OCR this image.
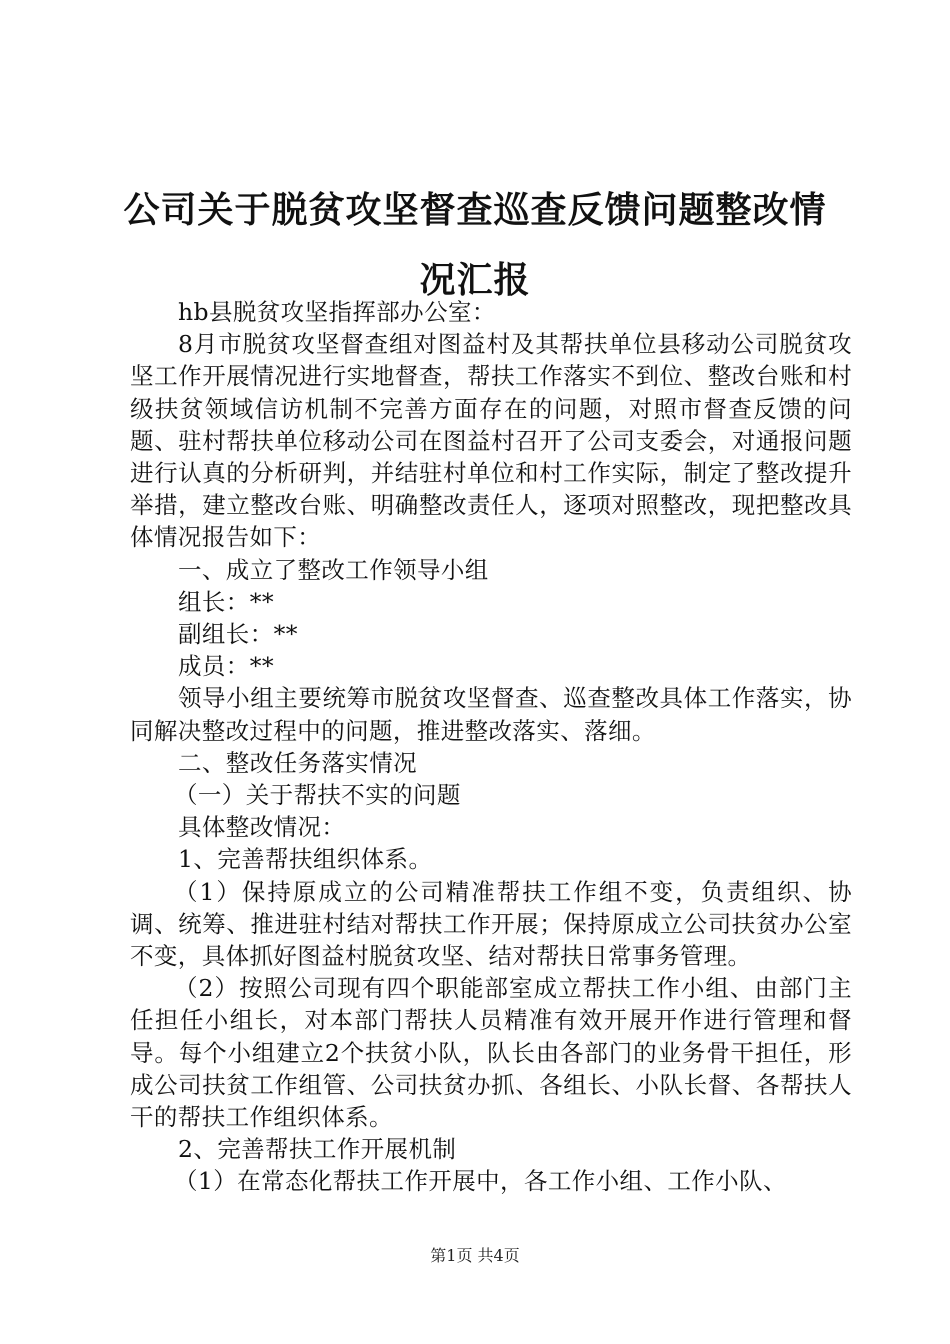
公司关于脱贫攻坚督查巡查反馈问题整改情况汇报

hb县脱贫攻坚指挥部办公室：

8月市脱贫攻坚督查组对图益村及其帮扶单位县移动公司脱贫攻坚工作开展情况进行实地督查，帮扶工作落实不到位、整改台账和村级扶贫领域信访机制不完善方面存在的问题，对照市督查反馈的问题、驻村帮扶单位移动公司在图益村召开了公司支委会，对通报问题进行认真的分析研判，并结驻村单位和村工作实际，制定了整改提升举措，建立整改台账、明确整改责任人，逐项对照整改，现把整改具体情况报告如下：

一、成立了整改工作领导小组

组长：**

副组长：**

成员：**

领导小组主要统筹市脱贫攻坚督查、巡查整改具体工作落实，协同解决整改过程中的问题，推进整改落实、落细。

二、整改任务落实情况

（一）关于帮扶不实的问题

具体整改情况：

1、完善帮扶组织体系。

（1）保持原成立的公司精准帮扶工作组不变，负责组织、协调、统筹、推进驻村结对帮扶工作开展；保持原成立公司扶贫办公室不变，具体抓好图益村脱贫攻坚、结对帮扶日常事务管理。

（2）按照公司现有四个职能部室成立帮扶工作小组、由部门主任担任小组长，对本部门帮扶人员精准有效开展开作进行管理和督导。每个小组建立2个扶贫小队，队长由各部门的业务骨干担任，形成公司扶贫工作组管、公司扶贫办抓、各组长、小队长督、各帮扶人干的帮扶工作组织体系。

2、完善帮扶工作开展机制

（1）在常态化帮扶工作开展中，各工作小组、工作小队、

第1页 共4页
